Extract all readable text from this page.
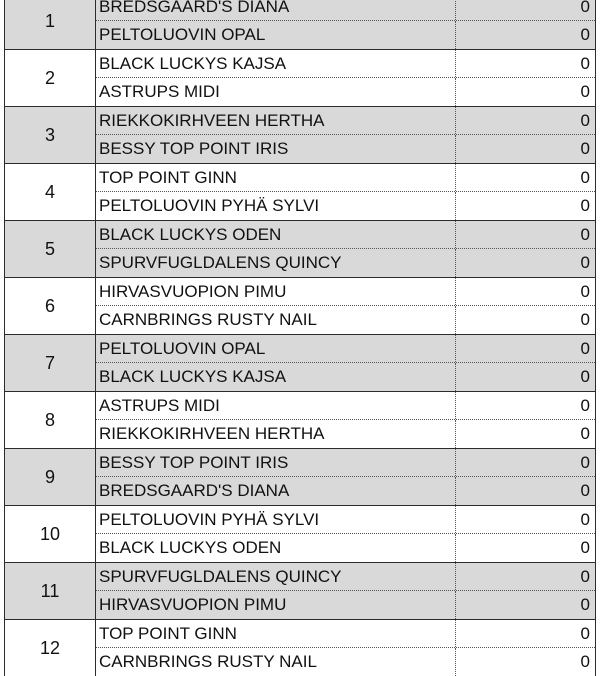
1
BREDSGAARD'S DIANA	0
PELTOLUOVIN OPAL	0
2
BLACK LUCKYS KAJSA	0
ASTRUPS MIDI	0
3
RIEKKOKIRHVEEN HERTHA	0
BESSY TOP POINT IRIS	0
4
TOP POINT GINN	0
PELTOLUOVIN PYHÄ SYLVI	0
5
BLACK LUCKYS ODEN	0
SPURVFUGLDALENS QUINCY	0
6
HIRVASVUOPION PIMU	0
CARNBRINGS RUSTY NAIL	0
7
PELTOLUOVIN OPAL	0
BLACK LUCKYS KAJSA	0
8
ASTRUPS MIDI	0
RIEKKOKIRHVEEN HERTHA	0
9
BESSY TOP POINT IRIS	0
BREDSGAARD'S DIANA	0
10
PELTOLUOVIN PYHÄ SYLVI	0
BLACK LUCKYS ODEN	0
11
SPURVFUGLDALENS QUINCY	0
HIRVASVUOPION PIMU	0
12
TOP POINT GINN	0
CARNBRINGS RUSTY NAIL	0
